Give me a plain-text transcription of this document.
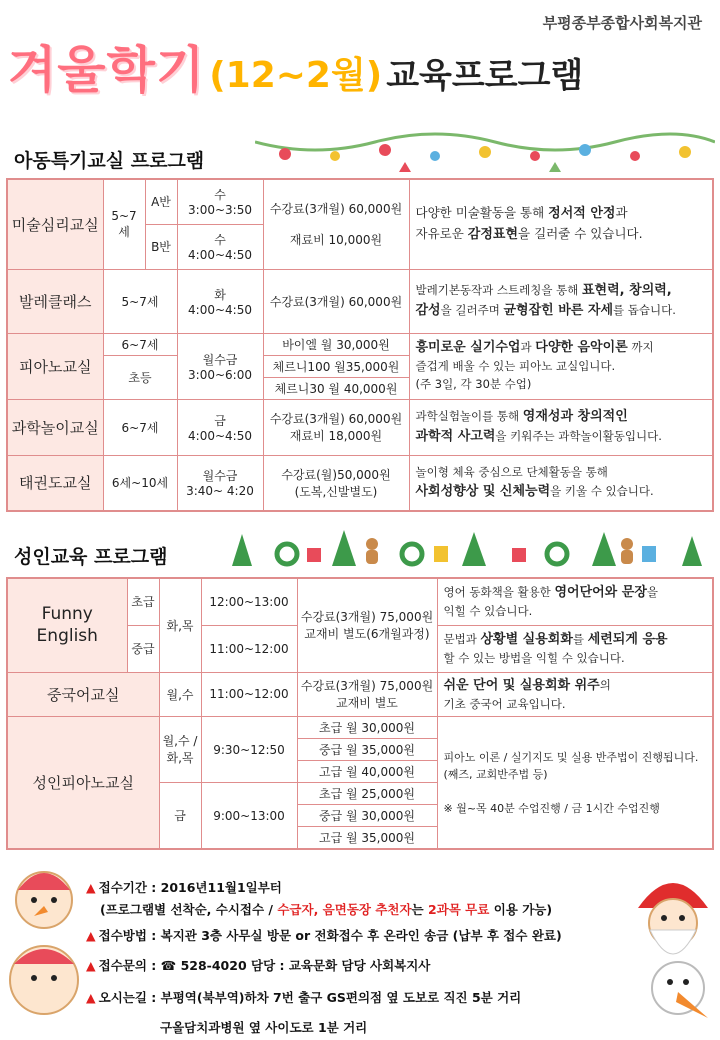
부평종부종합사회복지관
겨울학기 (12~2월) 교육프로그램
아동특기교실 프로그램
미술심리교실	5~7세	A반	수
3:00~3:50	수강료(3개월) 60,000원

재료비 10,000원	다양한 미술활동을 통해 정서적 안정과
자유로운 감정표현을 길러줄 수 있습니다.
		B반	수
4:00~4:50		
발레클래스	5~7세		화
4:00~4:50	수강료(3개월) 60,000원	발레기본동작과 스트레칭을 통해 표현력, 창의력,
감성을 길러주며 균형잡힌 바른 자세를 돕습니다.
피아노교실	6~7세		월수금
3:00~6:00	바이엘 월 30,000원	흥미로운 실기수업과 다양한 음악이론 까지
즐겁게 배울 수 있는 피아노 교실입니다.
(주 3일, 각 30분 수업)
	초등			체르니100 월35,000원	
				체르니30 월 40,000원	
과학놀이교실	6~7세		금
4:00~4:50	수강료(3개월) 60,000원
재료비 18,000원	과학실험놀이를 통해 영재성과 창의적인
과학적 사고력을 키워주는 과학놀이활동입니다.
태권도교실	6세~10세		월수금
3:40~ 4:20	수강료(월)50,000원
(도복,신발별도)	놀이형 체육 중심으로 단체활동을 통해
사회성향상 및 신체능력을 키울 수 있습니다.
성인교육 프로그램
Funny English	초급	화,목	12:00~13:00	수강료(3개월) 75,000원
교재비 별도(6개월과정)	영어 동화책을 활용한 영어단어와 문장을
익힐 수 있습니다.
	중급		11:00~12:00		문법과 상황별 실용회화를 세련되게 응용
할 수 있는 방법을 익힐 수 있습니다.
중국어교실		월,수	11:00~12:00	수강료(3개월) 75,000원
교재비 별도	쉬운 단어 및 실용회화 위주의
기초 중국어 교육입니다.
성인피아노교실		월,수 / 화,목	9:30~12:50	초급 월 30,000원	피아노 이론 / 실기지도 및 실용 반주법이 진행됩니다. (째즈, 교회반주법 등)

※ 월~목 40분 수업진행 / 금 1시간 수업진행
				중급 월 35,000원	
				고급 월 40,000원	
		금	9:00~13:00	초급 월 25,000원	
				중급 월 30,000원	
				고급 월 35,000원	
▲ 접수기간 : 2016년11월1일부터
(프로그램별 선착순, 수시접수 / 수급자, 음면동장 추천자는 2과목 무료 이용 가능)
▲ 접수방법 : 복지관 3층 사무실 방문 or 전화접수 후 온라인 송금 (납부 후 접수 완료)
▲ 접수문의 : ☎ 528-4020 담당 : 교육문화 담당 사회복지사
▲ 오시는길 : 부평역(북부역)하차 7번 출구 GS편의점 옆 도보로 직진 5분 거리
구올담치과병원 옆 사이도로 1분 거리
